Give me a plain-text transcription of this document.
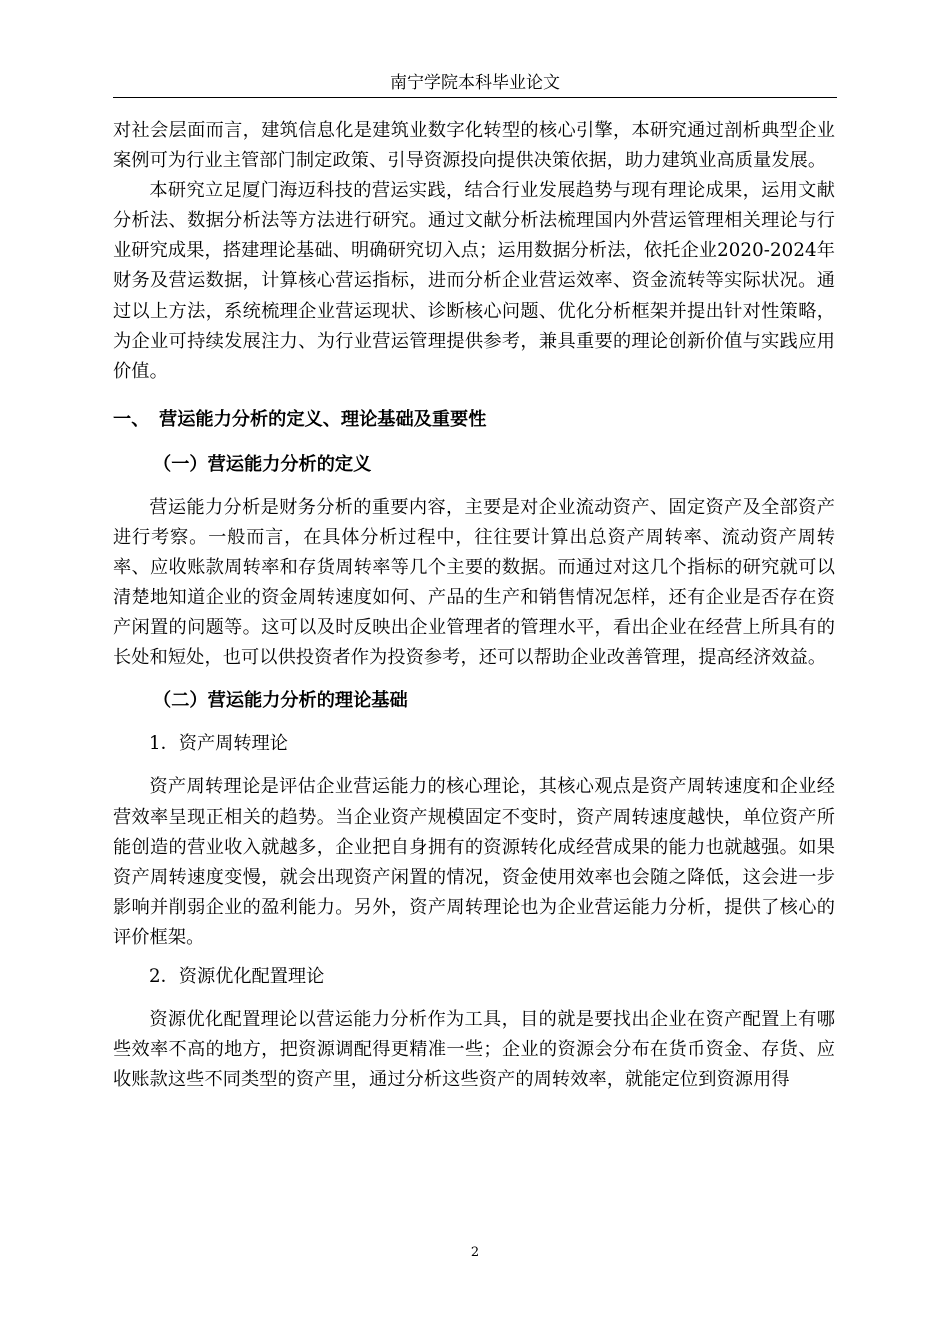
南宁学院本科毕业论文

对社会层面而言，建筑信息化是建筑业数字化转型的核心引擎，本研究通过剖析典型企业案例可为行业主管部门制定政策、引导资源投向提供决策依据，助力建筑业高质量发展。

本研究立足厦门海迈科技的营运实践，结合行业发展趋势与现有理论成果，运用文献分析法、数据分析法等方法进行研究。通过文献分析法梳理国内外营运管理相关理论与行业研究成果，搭建理论基础、明确研究切入点；运用数据分析法，依托企业2020-2024年财务及营运数据，计算核心营运指标，进而分析企业营运效率、资金流转等实际状况。通过以上方法，系统梳理企业营运现状、诊断核心问题、优化分析框架并提出针对性策略，为企业可持续发展注力、为行业营运管理提供参考，兼具重要的理论创新价值与实践应用价值。

一、 营运能力分析的定义、理论基础及重要性
（一）营运能力分析的定义

营运能力分析是财务分析的重要内容，主要是对企业流动资产、固定资产及全部资产进行考察。一般而言，在具体分析过程中，往往要计算出总资产周转率、流动资产周转率、应收账款周转率和存货周转率等几个主要的数据。而通过对这几个指标的研究就可以清楚地知道企业的资金周转速度如何、产品的生产和销售情况怎样，还有企业是否存在资产闲置的问题等。这可以及时反映出企业管理者的管理水平，看出企业在经营上所具有的长处和短处，也可以供投资者作为投资参考，还可以帮助企业改善管理，提高经济效益。

（二）营运能力分析的理论基础
1．资产周转理论

资产周转理论是评估企业营运能力的核心理论，其核心观点是资产周转速度和企业经营效率呈现正相关的趋势。当企业资产规模固定不变时，资产周转速度越快，单位资产所能创造的营业收入就越多，企业把自身拥有的资源转化成经营成果的能力也就越强。如果资产周转速度变慢，就会出现资产闲置的情况，资金使用效率也会随之降低，这会进一步影响并削弱企业的盈利能力。另外，资产周转理论也为企业营运能力分析，提供了核心的评价框架。

2．资源优化配置理论

资源优化配置理论以营运能力分析作为工具，目的就是要找出企业在资产配置上有哪些效率不高的地方，把资源调配得更精准一些；企业的资源会分布在货币资金、存货、应收账款这些不同类型的资产里，通过分析这些资产的周转效率，就能定位到资源用得

2
